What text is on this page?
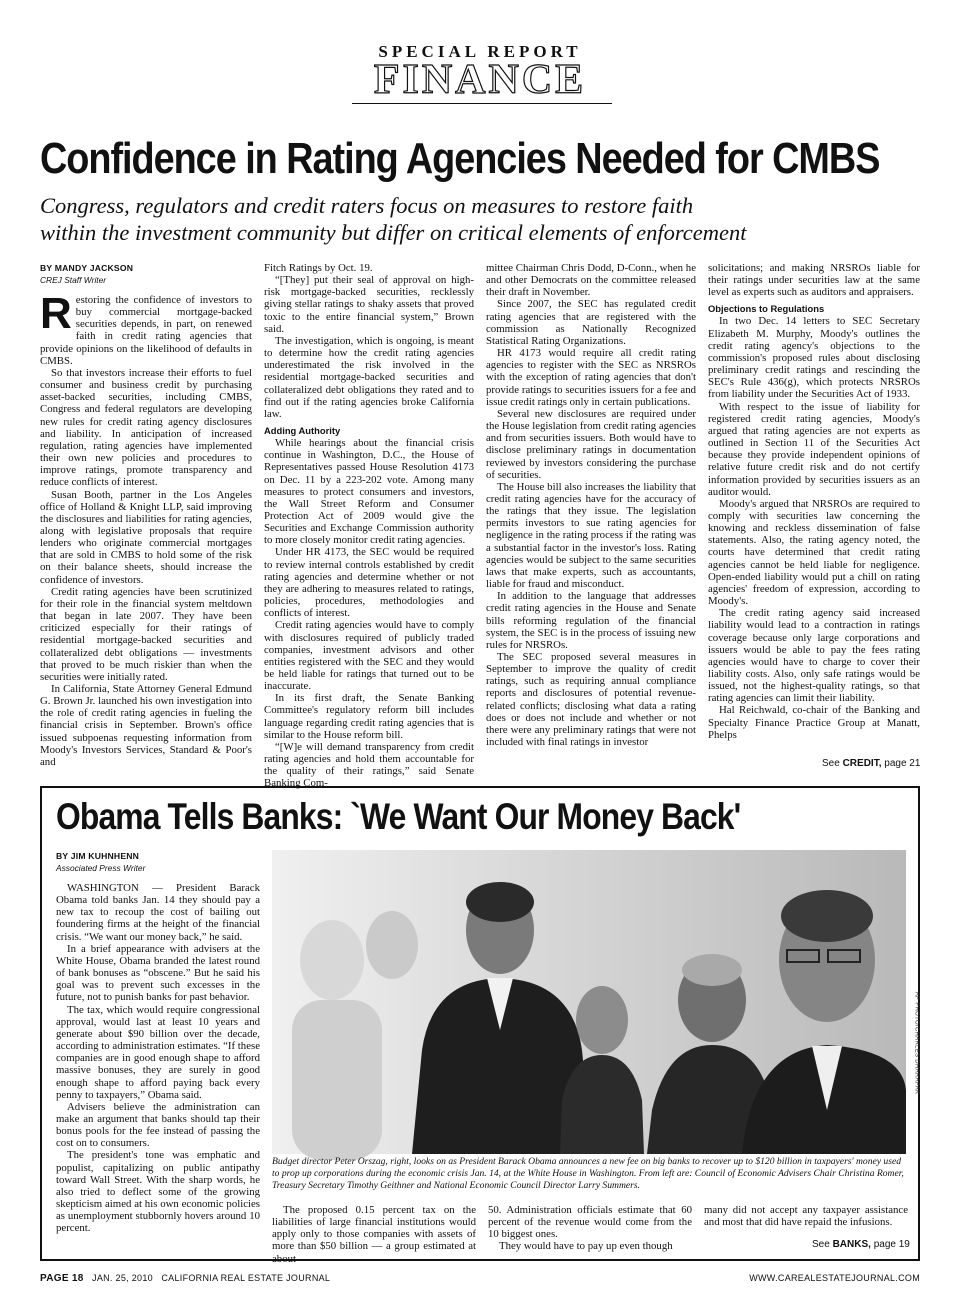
SPECIAL REPORT
FINANCE
Confidence in Rating Agencies Needed for CMBS
Congress, regulators and credit raters focus on measures to restore faith
within the investment community but differ on critical elements of enforcement
BY MANDY JACKSON
CREJ Staff Writer
R estoring the confidence of investors to buy commercial mortgage-backed securities depends, in part, on renewed faith in credit rating agencies that provide opinions on the likelihood of defaults in CMBS.

So that investors increase their efforts to fuel consumer and business credit by purchasing asset-backed securities, including CMBS, Congress and federal regulators are developing new rules for credit rating agency disclosures and liability. In anticipation of increased regulation, rating agencies have implemented their own new policies and procedures to improve ratings, promote transparency and reduce conflicts of interest.

Susan Booth, partner in the Los Angeles office of Holland & Knight LLP, said improving the disclosures and liabilities for rating agencies, along with legislative proposals that require lenders who originate commercial mortgages that are sold in CMBS to hold some of the risk on their balance sheets, should increase the confidence of investors.

Credit rating agencies have been scrutinized for their role in the financial system meltdown that began in late 2007. They have been criticized especially for their ratings of residential mortgage-backed securities and collateralized debt obligations — investments that proved to be much riskier than when the securities were initially rated.

In California, State Attorney General Edmund G. Brown Jr. launched his own investigation into the role of credit rating agencies in fueling the financial crisis in September. Brown's office issued subpoenas requesting information from Moody's Investors Services, Standard & Poor's and

Fitch Ratings by Oct. 19.

“[They] put their seal of approval on high-risk mortgage-backed securities, recklessly giving stellar ratings to shaky assets that proved toxic to the entire financial system,” Brown said.

The investigation, which is ongoing, is meant to determine how the credit rating agencies underestimated the risk involved in the residential mortgage-backed securities and collateralized debt obligations they rated and to find out if the rating agencies broke California law.

Adding Authority

While hearings about the financial crisis continue in Washington, D.C., the House of Representatives passed House Resolution 4173 on Dec. 11 by a 223-202 vote. Among many measures to protect consumers and investors, the Wall Street Reform and Consumer Protection Act of 2009 would give the Securities and Exchange Commission authority to more closely monitor credit rating agencies.

Under HR 4173, the SEC would be required to review internal controls established by credit rating agencies and determine whether or not they are adhering to measures related to ratings, policies, procedures, methodologies and conflicts of interest.

Credit rating agencies would have to comply with disclosures required of publicly traded companies, investment advisors and other entities registered with the SEC and they would be held liable for ratings that turned out to be inaccurate.

In its first draft, the Senate Banking Committee's regulatory reform bill includes language regarding credit rating agencies that is similar to the House reform bill.

“[W]e will demand transparency from credit rating agencies and hold them accountable for the quality of their ratings,” said Senate Banking Com-

mittee Chairman Chris Dodd, D-Conn., when he and other Democrats on the committee released their draft in November.

Since 2007, the SEC has regulated credit rating agencies that are registered with the commission as Nationally Recognized Statistical Rating Organizations.

HR 4173 would require all credit rating agencies to register with the SEC as NRSROs with the exception of rating agencies that don't provide ratings to securities issuers for a fee and issue credit ratings only in certain publications.

Several new disclosures are required under the House legislation from credit rating agencies and from securities issuers. Both would have to disclose preliminary ratings in documentation reviewed by investors considering the purchase of securities.

The House bill also increases the liability that credit rating agencies have for the accuracy of the ratings that they issue. The legislation permits investors to sue rating agencies for negligence in the rating process if the rating was a substantial factor in the investor's loss. Rating agencies would be subject to the same securities laws that make experts, such as accountants, liable for fraud and misconduct.

In addition to the language that addresses credit rating agencies in the House and Senate bills reforming regulation of the financial system, the SEC is in the process of issuing new rules for NRSROs.

The SEC proposed several measures in September to improve the quality of credit ratings, such as requiring annual compliance reports and disclosures of potential revenue-related conflicts; disclosing what data a rating does or does not include and whether or not there were any preliminary ratings that were not included with final ratings in investor

solicitations; and making NRSROs liable for their ratings under securities law at the same level as experts such as auditors and appraisers.

Objections to Regulations

In two Dec. 14 letters to SEC Secretary Elizabeth M. Murphy, Moody's outlines the credit rating agency's objections to the commission's proposed rules about disclosing preliminary credit ratings and rescinding the SEC's Rule 436(g), which protects NRSROs from liability under the Securities Act of 1933.

With respect to the issue of liability for registered credit rating agencies, Moody's argued that rating agencies are not experts as outlined in Section 11 of the Securities Act because they provide independent opinions of relative future credit risk and do not certify information provided by securities issuers as an auditor would.

Moody's argued that NRSROs are required to comply with securities law concerning the knowing and reckless dissemination of false statements. Also, the rating agency noted, the courts have determined that credit rating agencies cannot be held liable for negligence. Open-ended liability would put a chill on rating agencies' freedom of expression, according to Moody's.

The credit rating agency said increased liability would lead to a contraction in ratings coverage because only large corporations and issuers would be able to pay the fees rating agencies would have to charge to cover their liability costs. Also, only safe ratings would be issued, not the highest-quality ratings, so that rating agencies can limit their liability.

Hal Reichwald, co-chair of the Banking and Specialty Finance Practice Group at Manatt, Phelps

See CREDIT, page 21
Obama Tells Banks: `We Want Our Money Back'
BY JIM KUHNHENN
Associated Press Writer

WASHINGTON — President Barack Obama told banks Jan. 14 they should pay a new tax to recoup the cost of bailing out foundering firms at the height of the financial crisis. “We want our money back,” he said.

In a brief appearance with advisers at the White House, Obama branded the latest round of bank bonuses as “obscene.” But he said his goal was to prevent such excesses in the future, not to punish banks for past behavior.

The tax, which would require congressional approval, would last at least 10 years and generate about $90 billion over the decade, according to administration estimates. “If these companies are in good enough shape to afford massive bonuses, they are surely in good enough shape to afford paying back every penny to taxpayers,” Obama said.

Advisers believe the administration can make an argument that banks should tap their bonus pools for the fee instead of passing the cost on to consumers.

The president's tone was emphatic and populist, capitalizing on public antipathy toward Wall Street. With the sharp words, he also tried to deflect some of the growing skepticism aimed at his own economic policies as unemployment stubbornly hovers around 10 percent.

AP PHOTO/CHARLES DHARAPAK
Budget director Peter Orszag, right, looks on as President Barack Obama announces a new fee on big banks to recover up to $120 billion in taxpayers' money used to prop up corporations during the economic crisis Jan. 14, at the White House in Washington. From left are: Council of Economic Advisers Chair Christina Romer, Treasury Secretary Timothy Geithner and National Economic Council Director Larry Summers.

The proposed 0.15 percent tax on the liabilities of large financial institutions would apply only to those companies with assets of more than $50 billion — a group estimated at about

50. Administration officials estimate that 60 percent of the revenue would come from the 10 biggest ones.

They would have to pay up even though

many did not accept any taxpayer assistance and most that did have repaid the infusions.

See BANKS, page 19
PAGE 18 JAN. 25, 2010 CALIFORNIA REAL ESTATE JOURNAL	WWW.CAREALESTATEJOURNAL.COM
